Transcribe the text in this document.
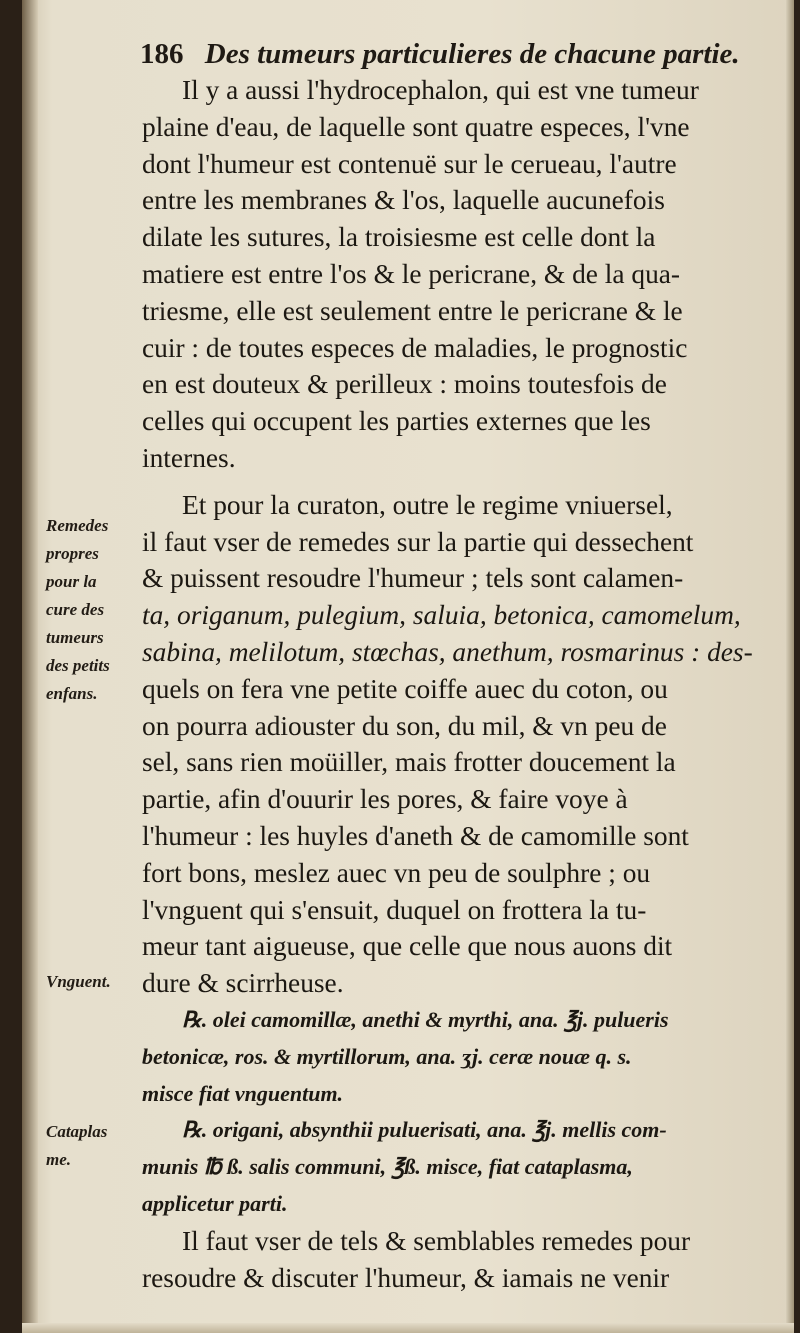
186 Des tumeurs particulieres de chacune partie.
Remedes
propres
pour la
cure des
tumeurs
des petits
enfans.
Vnguent.
Cataplas
me.
Il y a aussi l'hydrocephalon, qui est vne tumeur
plaine d'eau, de laquelle sont quatre especes, l'vne
dont l'humeur est contenuë sur le cerueau, l'autre
entre les membranes & l'os, laquelle aucunefois
dilate les sutures, la troisiesme est celle dont la
matiere est entre l'os & le pericrane, & de la qua-
triesme, elle est seulement entre le pericrane & le
cuir : de toutes especes de maladies, le prognostic
en est douteux & perilleux : moins toutesfois de
celles qui occupent les parties externes que les
internes.
Et pour la curaton, outre le regime vniuersel,
il faut vser de remedes sur la partie qui dessechent
& puissent resoudre l'humeur ; tels sont calamen-
ta, origanum, pulegium, saluia, betonica, camomelum,
sabina, melilotum, stœchas, anethum, rosmarinus : des-
quels on fera vne petite coiffe auec du coton, ou
on pourra adiouster du son, du mil, & vn peu de
sel, sans rien moüiller, mais frotter doucement la
partie, afin d'ouurir les pores, & faire voye à
l'humeur : les huyles d'aneth & de camomille sont
fort bons, meslez auec vn peu de soulphre ; ou
l'vnguent qui s'ensuit, duquel on frottera la tu-
meur tant aigueuse, que celle que nous auons dit
dure & scirrheuse.
℞. olei camomillæ, anethi & myrthi, ana. ℥j. pulueris
betonicæ, ros. & myrtillorum, ana. ʒj. ceræ nouæ q. s.
misce fiat vnguentum.
℞. origani, absynthii puluerisati, ana. ℥j. mellis com-
munis ℔ ß. salis communi, ℥ß. misce, fiat cataplasma,
applicetur parti.
Il faut vser de tels & semblables remedes pour
resoudre & discuter l'humeur, & iamais ne venir
